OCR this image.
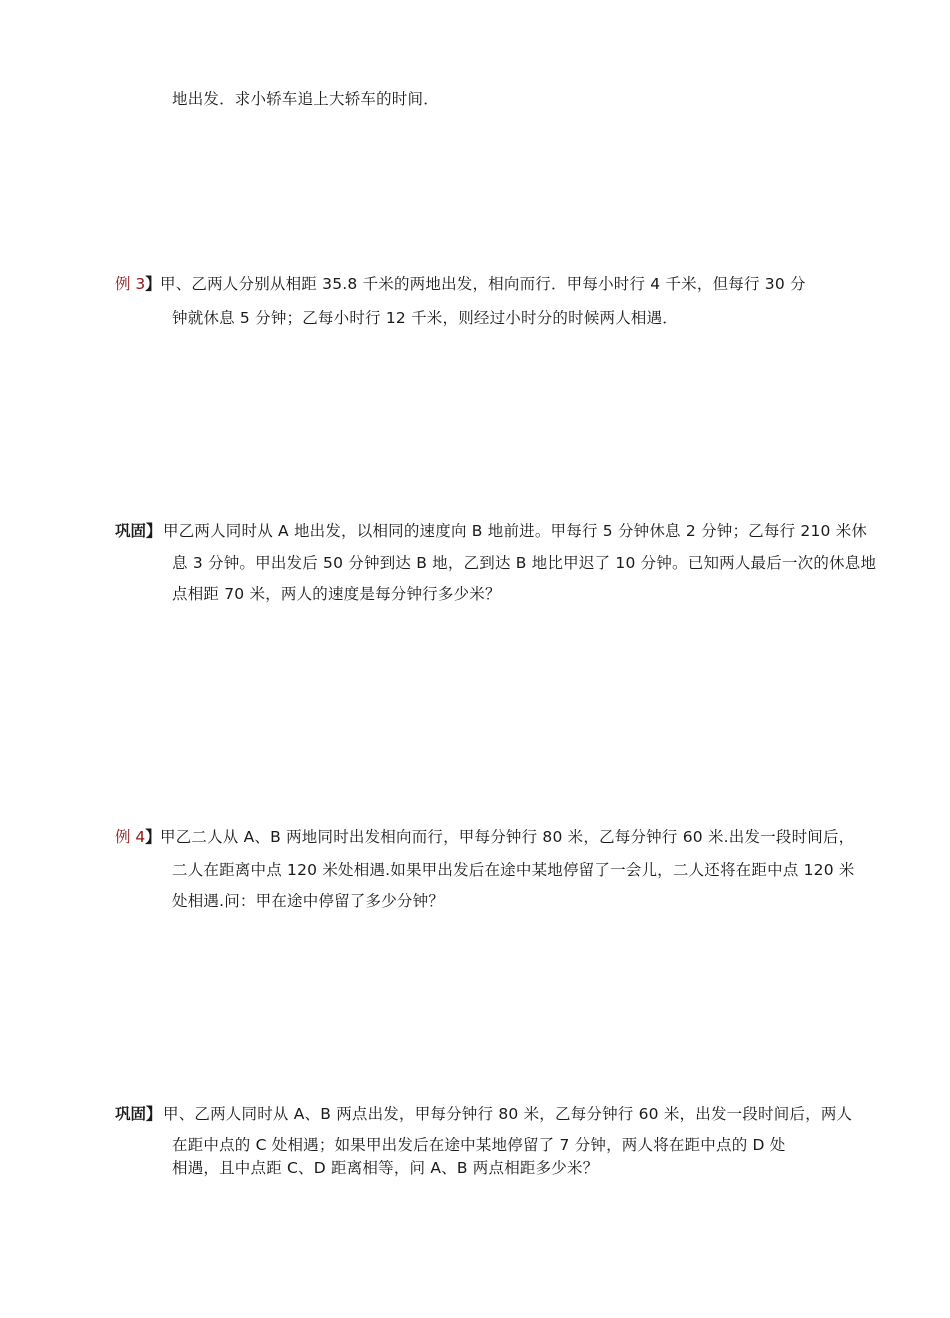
地出发．求小轿车追上大轿车的时间．
例 3】 甲、乙两人分别从相距 35.8 千米的两地出发，相向而行．甲每小时行 4 千米，但每行 30 分
钟就休息 5 分钟；乙每小时行 12 千米，则经过小时分的时候两人相遇．
巩固】 甲乙两人同时从 A 地出发，以相同的速度向 B 地前进。甲每行 5 分钟休息 2 分钟；乙每行 210 米休
息 3 分钟。甲出发后 50 分钟到达 B 地，乙到达 B 地比甲迟了 10 分钟。已知两人最后一次的休息地
点相距 70 米，两人的速度是每分钟行多少米？
例 4】 甲乙二人从 A、B 两地同时出发相向而行，甲每分钟行 80 米，乙每分钟行 60 米.出发一段时间后，
二人在距离中点 120 米处相遇.如果甲出发后在途中某地停留了一会儿，二人还将在距中点 120 米
处相遇.问：甲在途中停留了多少分钟？
巩固】 甲、乙两人同时从 A、B 两点出发，甲每分钟行 80 米，乙每分钟行 60 米，出发一段时间后，两人
在距中点的 C 处相遇；如果甲出发后在途中某地停留了 7 分钟，两人将在距中点的 D 处
相遇，且中点距 C、D 距离相等，问 A、B 两点相距多少米？
